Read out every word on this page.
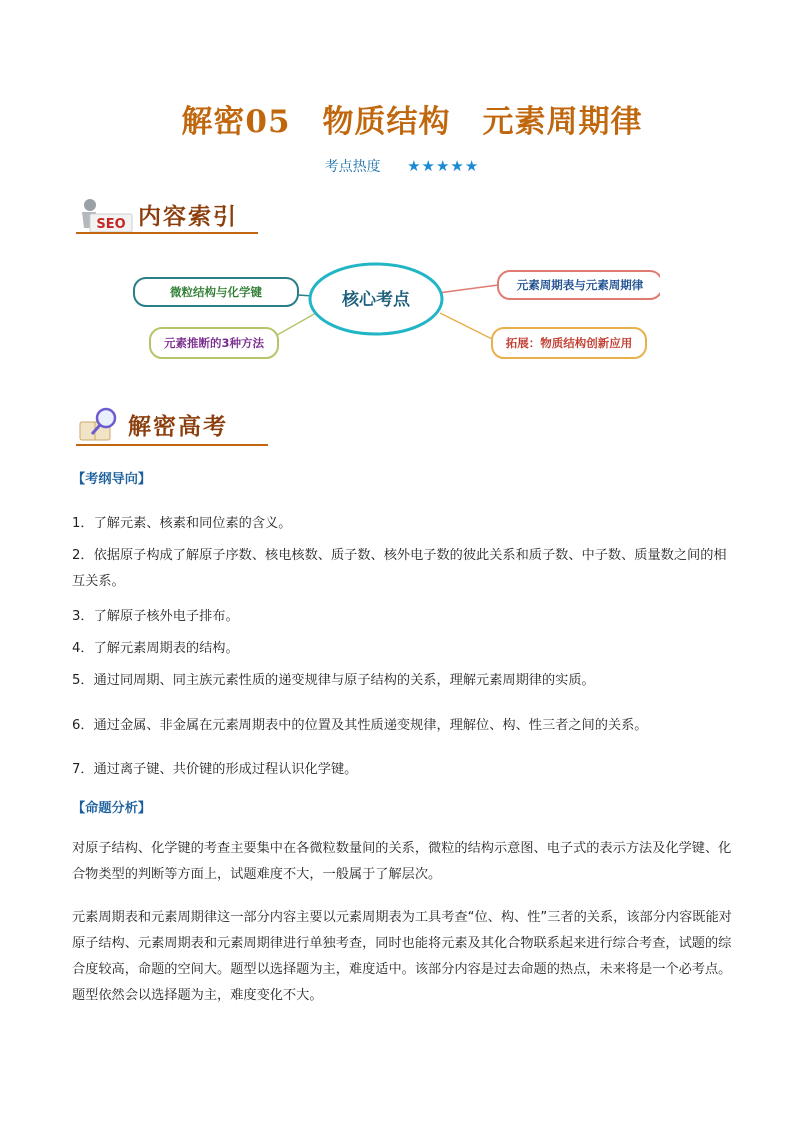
解密05　物质结构　元素周期律
考点热度 ★★★★★
SEO 内容索引
核心考点
微粒结构与化学键
元素推断的3种方法
元素周期表与元素周期律
拓展：物质结构创新应用
解密高考
【考纲导向】
1．了解元素、核素和同位素的含义。
2．依据原子构成了解原子序数、核电核数、质子数、核外电子数的彼此关系和质子数、中子数、质量数之间的相互关系。
3．了解原子核外电子排布。
4．了解元素周期表的结构。
5．通过同周期、同主族元素性质的递变规律与原子结构的关系，理解元素周期律的实质。
6．通过金属、非金属在元素周期表中的位置及其性质递变规律，理解位、构、性三者之间的关系。
7．通过离子键、共价键的形成过程认识化学键。
【命题分析】
对原子结构、化学键的考查主要集中在各微粒数量间的关系，微粒的结构示意图、电子式的表示方法及化学键、化合物类型的判断等方面上，试题难度不大，一般属于了解层次。
元素周期表和元素周期律这一部分内容主要以元素周期表为工具考查“位、构、性”三者的关系，该部分内容既能对原子结构、元素周期表和元素周期律进行单独考查，同时也能将元素及其化合物联系起来进行综合考查，试题的综合度较高，命题的空间大。题型以选择题为主，难度适中。该部分内容是过去命题的热点，未来将是一个必考点。题型依然会以选择题为主，难度变化不大。
